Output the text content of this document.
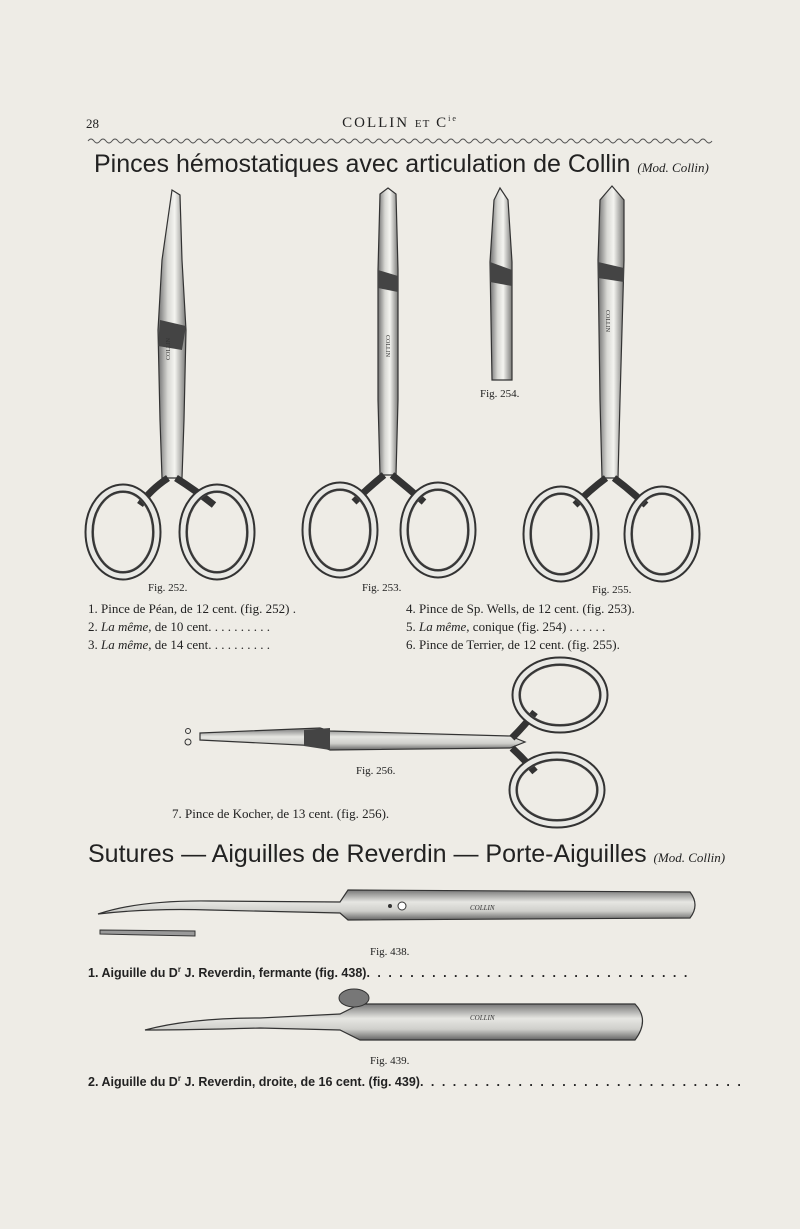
28	COLLIN ET $C^{ie}$
Pinces hémostatiques avec articulation de Collin (Mod. Collin)
COLLIN	COLLIN
COLLIN
COLLIN
COLLIN
Fig. 254.
Fig. 252.	Fig. 253.	Fig. 255.
Fig. 256.
1. Pince de Péan, de 12 cent. (fig. 252) .
2. La même, de 10 cent. . . . . . . . . .
3. La même, de 14 cent. . . . . . . . . .
4. Pince de Sp. Wells, de 12 cent. (fig. 253).
5. La même, conique (fig. 254) . . . . . .
6. Pince de Terrier, de 12 cent. (fig. 255).
7. Pince de Kocher, de 13 cent. (fig. 256).
Sutures — Aiguilles de Reverdin — Porte-Aiguilles (Mod. Collin)
Fig. 438.
1. Aiguille du $D^r$ J. Reverdin, fermante (fig. 438). . . . . . . . . . . . . . . . . . . . . . . . . . . . . .
Fig. 439.
2. Aiguille du $D^r$ J. Reverdin, droite, de 16 cent. (fig. 439). . . . . . . . . . . . . . . . . . . . . . . . . . . . . .
